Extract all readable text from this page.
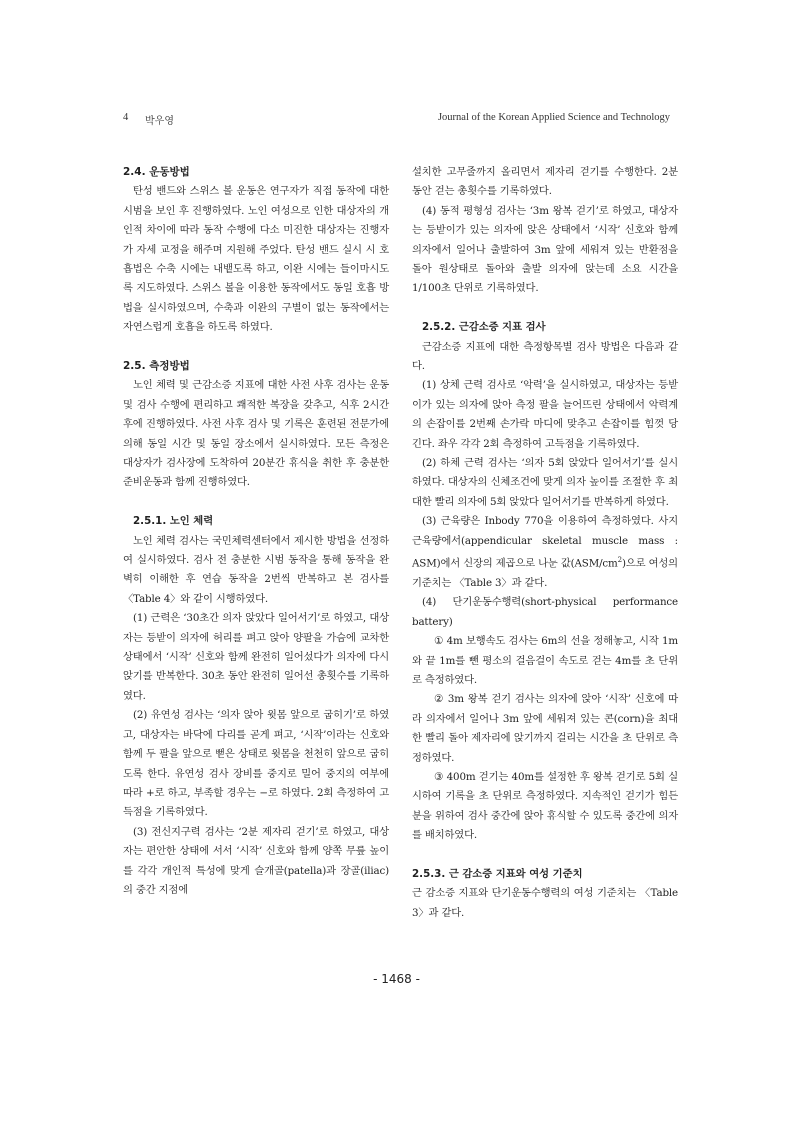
4 박우영	Journal of the Korean Applied Science and Technology
2.4. 운동방법

탄성 밴드와 스위스 볼 운동은 연구자가 직접 동작에 대한 시범을 보인 후 진행하였다. 노인 여성으로 인한 대상자의 개인적 차이에 따라 동작 수행에 다소 미진한 대상자는 진행자가 자세 교정을 해주며 지원해 주었다. 탄성 밴드 실시 시 호흡법은 수축 시에는 내뱉도록 하고, 이완 시에는 들이마시도록 지도하였다. 스위스 볼을 이용한 동작에서도 동일 호흡 방법을 실시하였으며, 수축과 이완의 구별이 없는 동작에서는 자연스럽게 호흡을 하도록 하였다.

2.5. 측정방법

노인 체력 및 근감소증 지표에 대한 사전 사후 검사는 운동 및 검사 수행에 편리하고 쾌적한 복장을 갖추고, 식후 2시간 후에 진행하였다. 사전 사후 검사 및 기록은 훈련된 전문가에 의해 동일 시간 및 동일 장소에서 실시하였다. 모든 측정은 대상자가 검사장에 도착하여 20분간 휴식을 취한 후 충분한 준비운동과 함께 진행하였다.

2.5.1. 노인 체력

노인 체력 검사는 국민체력센터에서 제시한 방법을 선정하여 실시하였다. 검사 전 충분한 시범 동작을 통해 동작을 완벽히 이해한 후 연습 동작을 2번씩 반복하고 본 검사를 〈Table 4〉와 같이 시행하였다.

(1) 근력은 ‘30초간 의자 앉았다 일어서기’로 하였고, 대상자는 등받이 의자에 허리를 펴고 앉아 양팔을 가슴에 교차한 상태에서 ‘시작’ 신호와 함께 완전히 일어섰다가 의자에 다시 앉기를 반복한다. 30초 동안 완전히 일어선 총횟수를 기록하였다.

(2) 유연성 검사는 ‘의자 앉아 윗몸 앞으로 굽히기’로 하였고, 대상자는 바닥에 다리를 곧게 펴고, ‘시작’이라는 신호와 함께 두 팔을 앞으로 뻗은 상태로 윗몸을 천천히 앞으로 굽히도록 한다. 유연성 검사 장비를 중지로 밀어 중지의 여부에 따라 +로 하고, 부족할 경우는 −로 하였다. 2회 측정하여 고득점을 기록하였다.

(3) 전신지구력 검사는 ‘2분 제자리 걷기’로 하였고, 대상자는 편안한 상태에 서서 ‘시작’ 신호와 함께 양쪽 무릎 높이를 각각 개인적 특성에 맞게 슬개골(patella)과 장골(iliac)의 중간 지점에

설치한 고무줄까지 올리면서 제자리 걷기를 수행한다. 2분 동안 걷는 총횟수를 기록하였다.

(4) 동적 평형성 검사는 ‘3m 왕복 걷기’로 하였고, 대상자는 등받이가 있는 의자에 앉은 상태에서 ‘시작’ 신호와 함께 의자에서 일어나 출발하여 3m 앞에 세워져 있는 반환점을 돌아 원상태로 돌아와 출발 의자에 앉는데 소요 시간을 1/100초 단위로 기록하였다.

2.5.2. 근감소증 지표 검사

근감소증 지표에 대한 측정항목별 검사 방법은 다음과 같다.

(1) 상체 근력 검사로 ‘악력’을 실시하였고, 대상자는 등받이가 있는 의자에 앉아 측정 팔을 늘어뜨린 상태에서 악력계의 손잡이를 2번째 손가락 마디에 맞추고 손잡이를 힘껏 당긴다. 좌우 각각 2회 측정하여 고득점을 기록하였다.

(2) 하체 근력 검사는 ‘의자 5회 앉았다 일어서기’를 실시하였다. 대상자의 신체조건에 맞게 의자 높이를 조절한 후 최대한 빨리 의자에 5회 앉았다 일어서기를 반복하게 하였다.

(3) 근육량은 Inbody 770을 이용하여 측정하였다. 사지근육량에서(appendicular skeletal muscle mass : ASM)에서 신장의 제곱으로 나눈 값$(ASM/cm^2)$으로 여성의 기준치는 〈Table 3〉과 같다.

(4) 단기운동수행력(short-physical performance battery)

① 4m 보행속도 검사는 6m의 선을 정해놓고, 시작 1m와 끝 1m를 뺀 평소의 걸음걸이 속도로 걷는 4m를 초 단위로 측정하였다.

② 3m 왕복 걷기 검사는 의자에 앉아 ‘시작’ 신호에 따라 의자에서 일어나 3m 앞에 세워져 있는 콘(corn)을 최대한 빨리 돌아 제자리에 앉기까지 걸리는 시간을 초 단위로 측정하였다.

③ 400m 걷기는 40m를 설정한 후 왕복 걷기로 5회 실시하여 기록을 초 단위로 측정하였다. 지속적인 걷기가 힘든 분을 위하여 검사 중간에 앉아 휴식할 수 있도록 중간에 의자를 배치하였다.

2.5.3. 근 감소증 지표와 여성 기준치

근 감소증 지표와 단기운동수행력의 여성 기준치는 〈Table 3〉과 같다.

- 1468 -
